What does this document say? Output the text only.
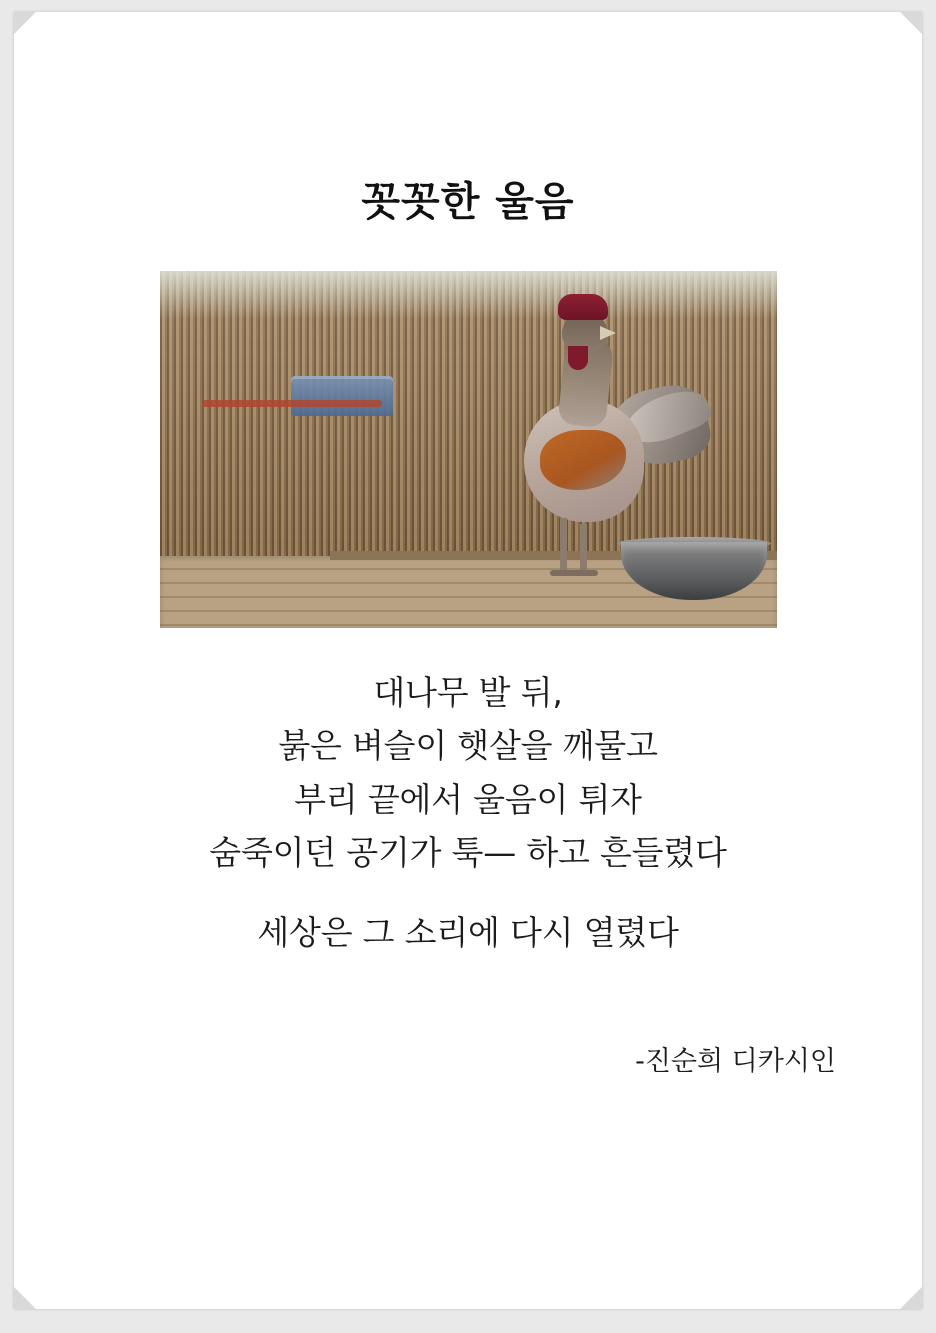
꼿꼿한 울음
대나무 발 뒤,
붉은 벼슬이 햇살을 깨물고
부리 끝에서 울음이 튀자
숨죽이던 공기가 툭— 하고 흔들렸다
세상은 그 소리에 다시 열렸다
-진순희 디카시인
